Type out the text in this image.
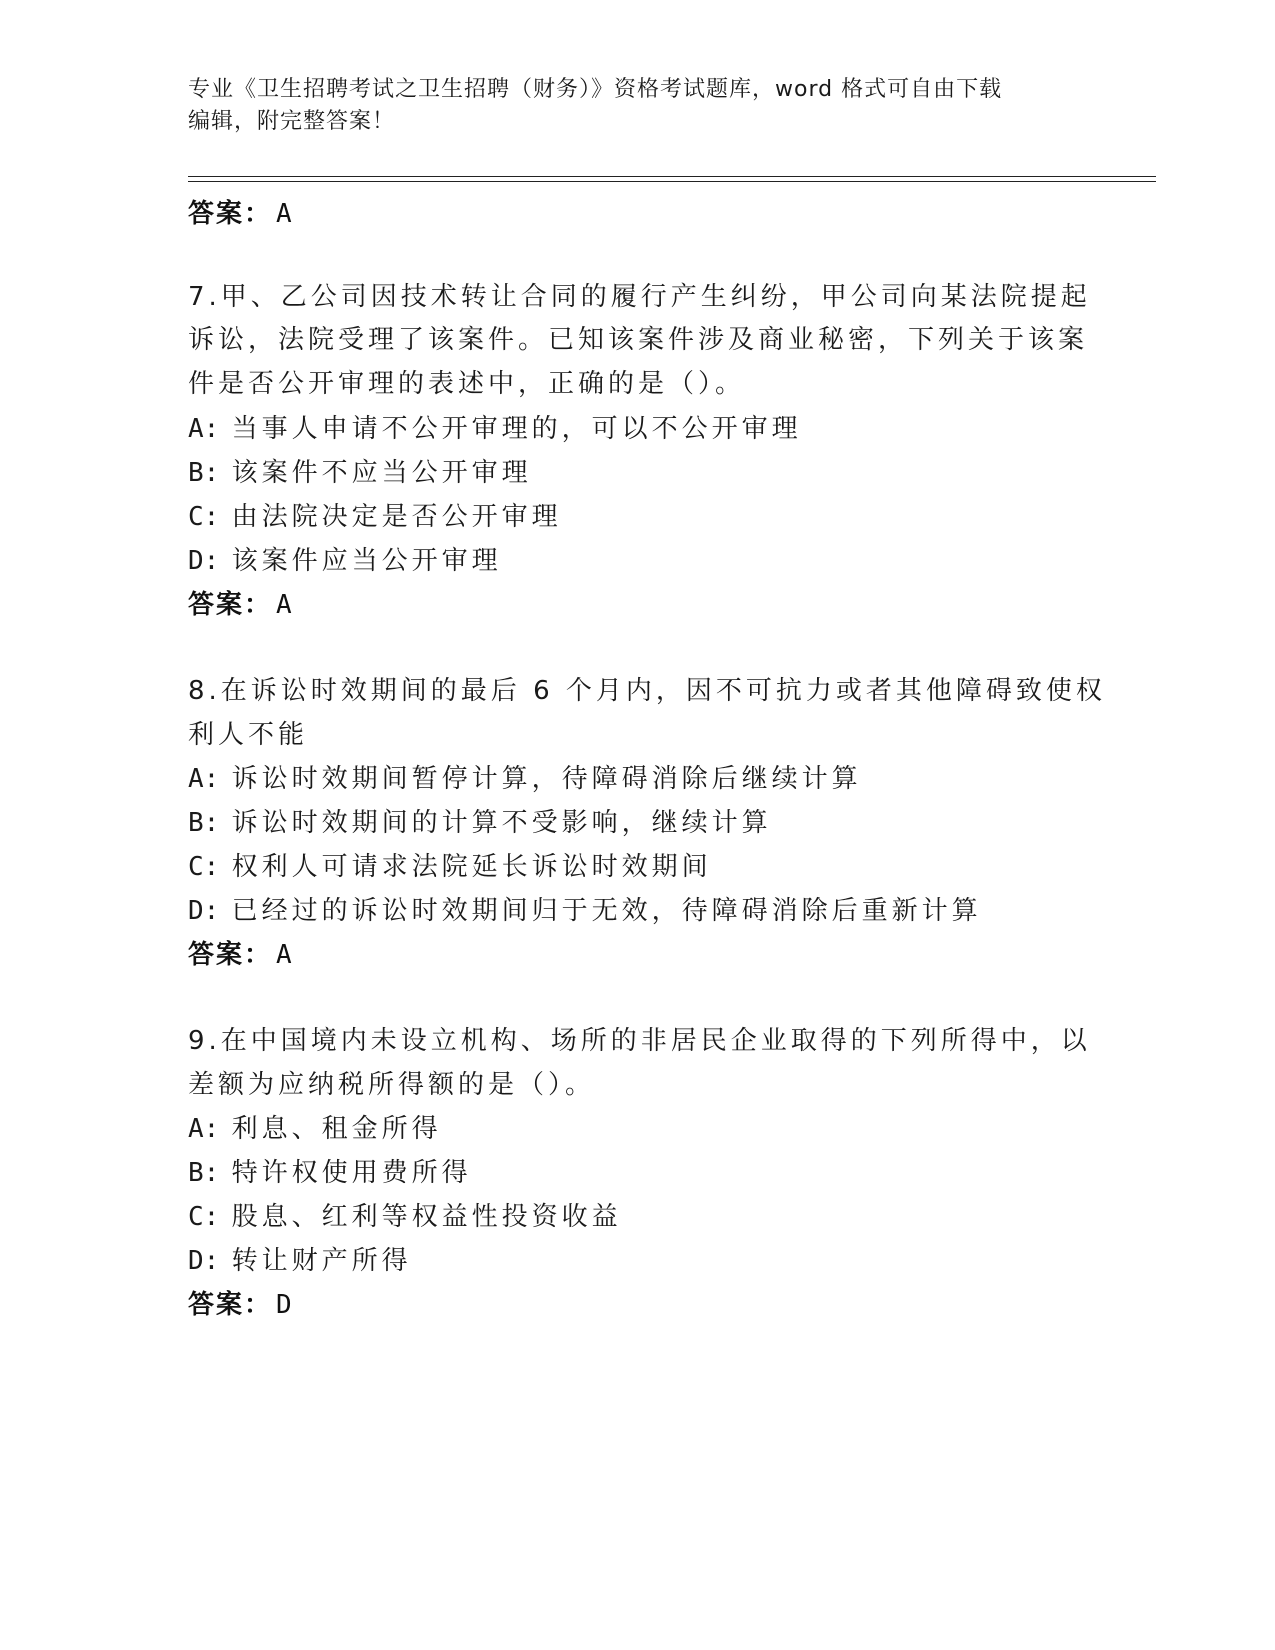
专业《卫生招聘考试之卫生招聘（财务）》资格考试题库，word 格式可自由下载
编辑，附完整答案！
答案： A
7.甲、乙公司因技术转让合同的履行产生纠纷，甲公司向某法院提起
诉讼，法院受理了该案件。已知该案件涉及商业秘密，下列关于该案
件是否公开审理的表述中，正确的是（）。
A: 当事人申请不公开审理的，可以不公开审理
B: 该案件不应当公开审理
C: 由法院决定是否公开审理
D: 该案件应当公开审理
答案： A
8.在诉讼时效期间的最后 6 个月内，因不可抗力或者其他障碍致使权
利人不能
A: 诉讼时效期间暂停计算，待障碍消除后继续计算
B: 诉讼时效期间的计算不受影响，继续计算
C: 权利人可请求法院延长诉讼时效期间
D: 已经过的诉讼时效期间归于无效，待障碍消除后重新计算
答案： A
9.在中国境内未设立机构、场所的非居民企业取得的下列所得中，以
差额为应纳税所得额的是（）。
A: 利息、租金所得
B: 特许权使用费所得
C: 股息、红利等权益性投资收益
D: 转让财产所得
答案： D
